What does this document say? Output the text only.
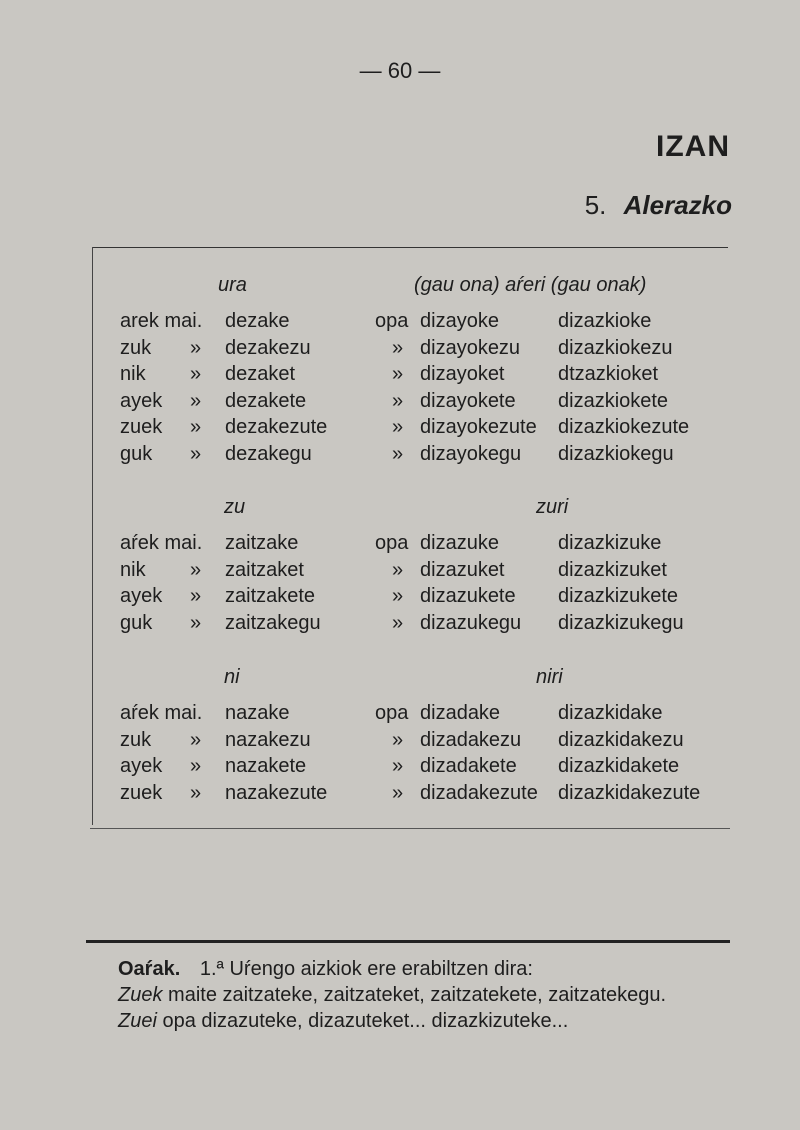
— 60 —
IZAN
5. Alerazko
ura	(gau ona) aŕeri (gau onak)
arek mai. dezake	opa dizayoke	dizazkioke
zuk » dezakezu	» dizayokezu dizazkiokezu
nik » dezaket	» dizayoket	dtzazkioket
ayek » dezakete	» dizayokete dizazkiokete
zuek » dezakezute	» dizayokezute dizazkiokezute
guk » dezakegu	» dizayokegu dizazkiokegu
zu	zuri
aŕek mai. zaitzake	opa dizazuke	dizazkizuke
nik » zaitzaket	» dizazuket	dizazkizuket
ayek » zaitzakete	» dizazukete dizazkizukete
guk » zaitzakegu	» dizazukegu dizazkizukegu
ni	niri
aŕek mai. nazake	opa dizadake	dizazkidake
zuk » nazakezu	» dizadakezu dizazkidakezu
ayek » nazakete	» dizadakete dizazkidakete
zuek » nazakezute	» dizadakezute dizazkidakezute
Oaŕak. 1.ª Uŕengo aizkiok ere erabiltzen dira:
Zuek maite zaitzateke, zaitzateket, zaitzatekete, zaitzatekegu.
Zuei opa dizazuteke, dizazuteket... dizazkizuteke...
